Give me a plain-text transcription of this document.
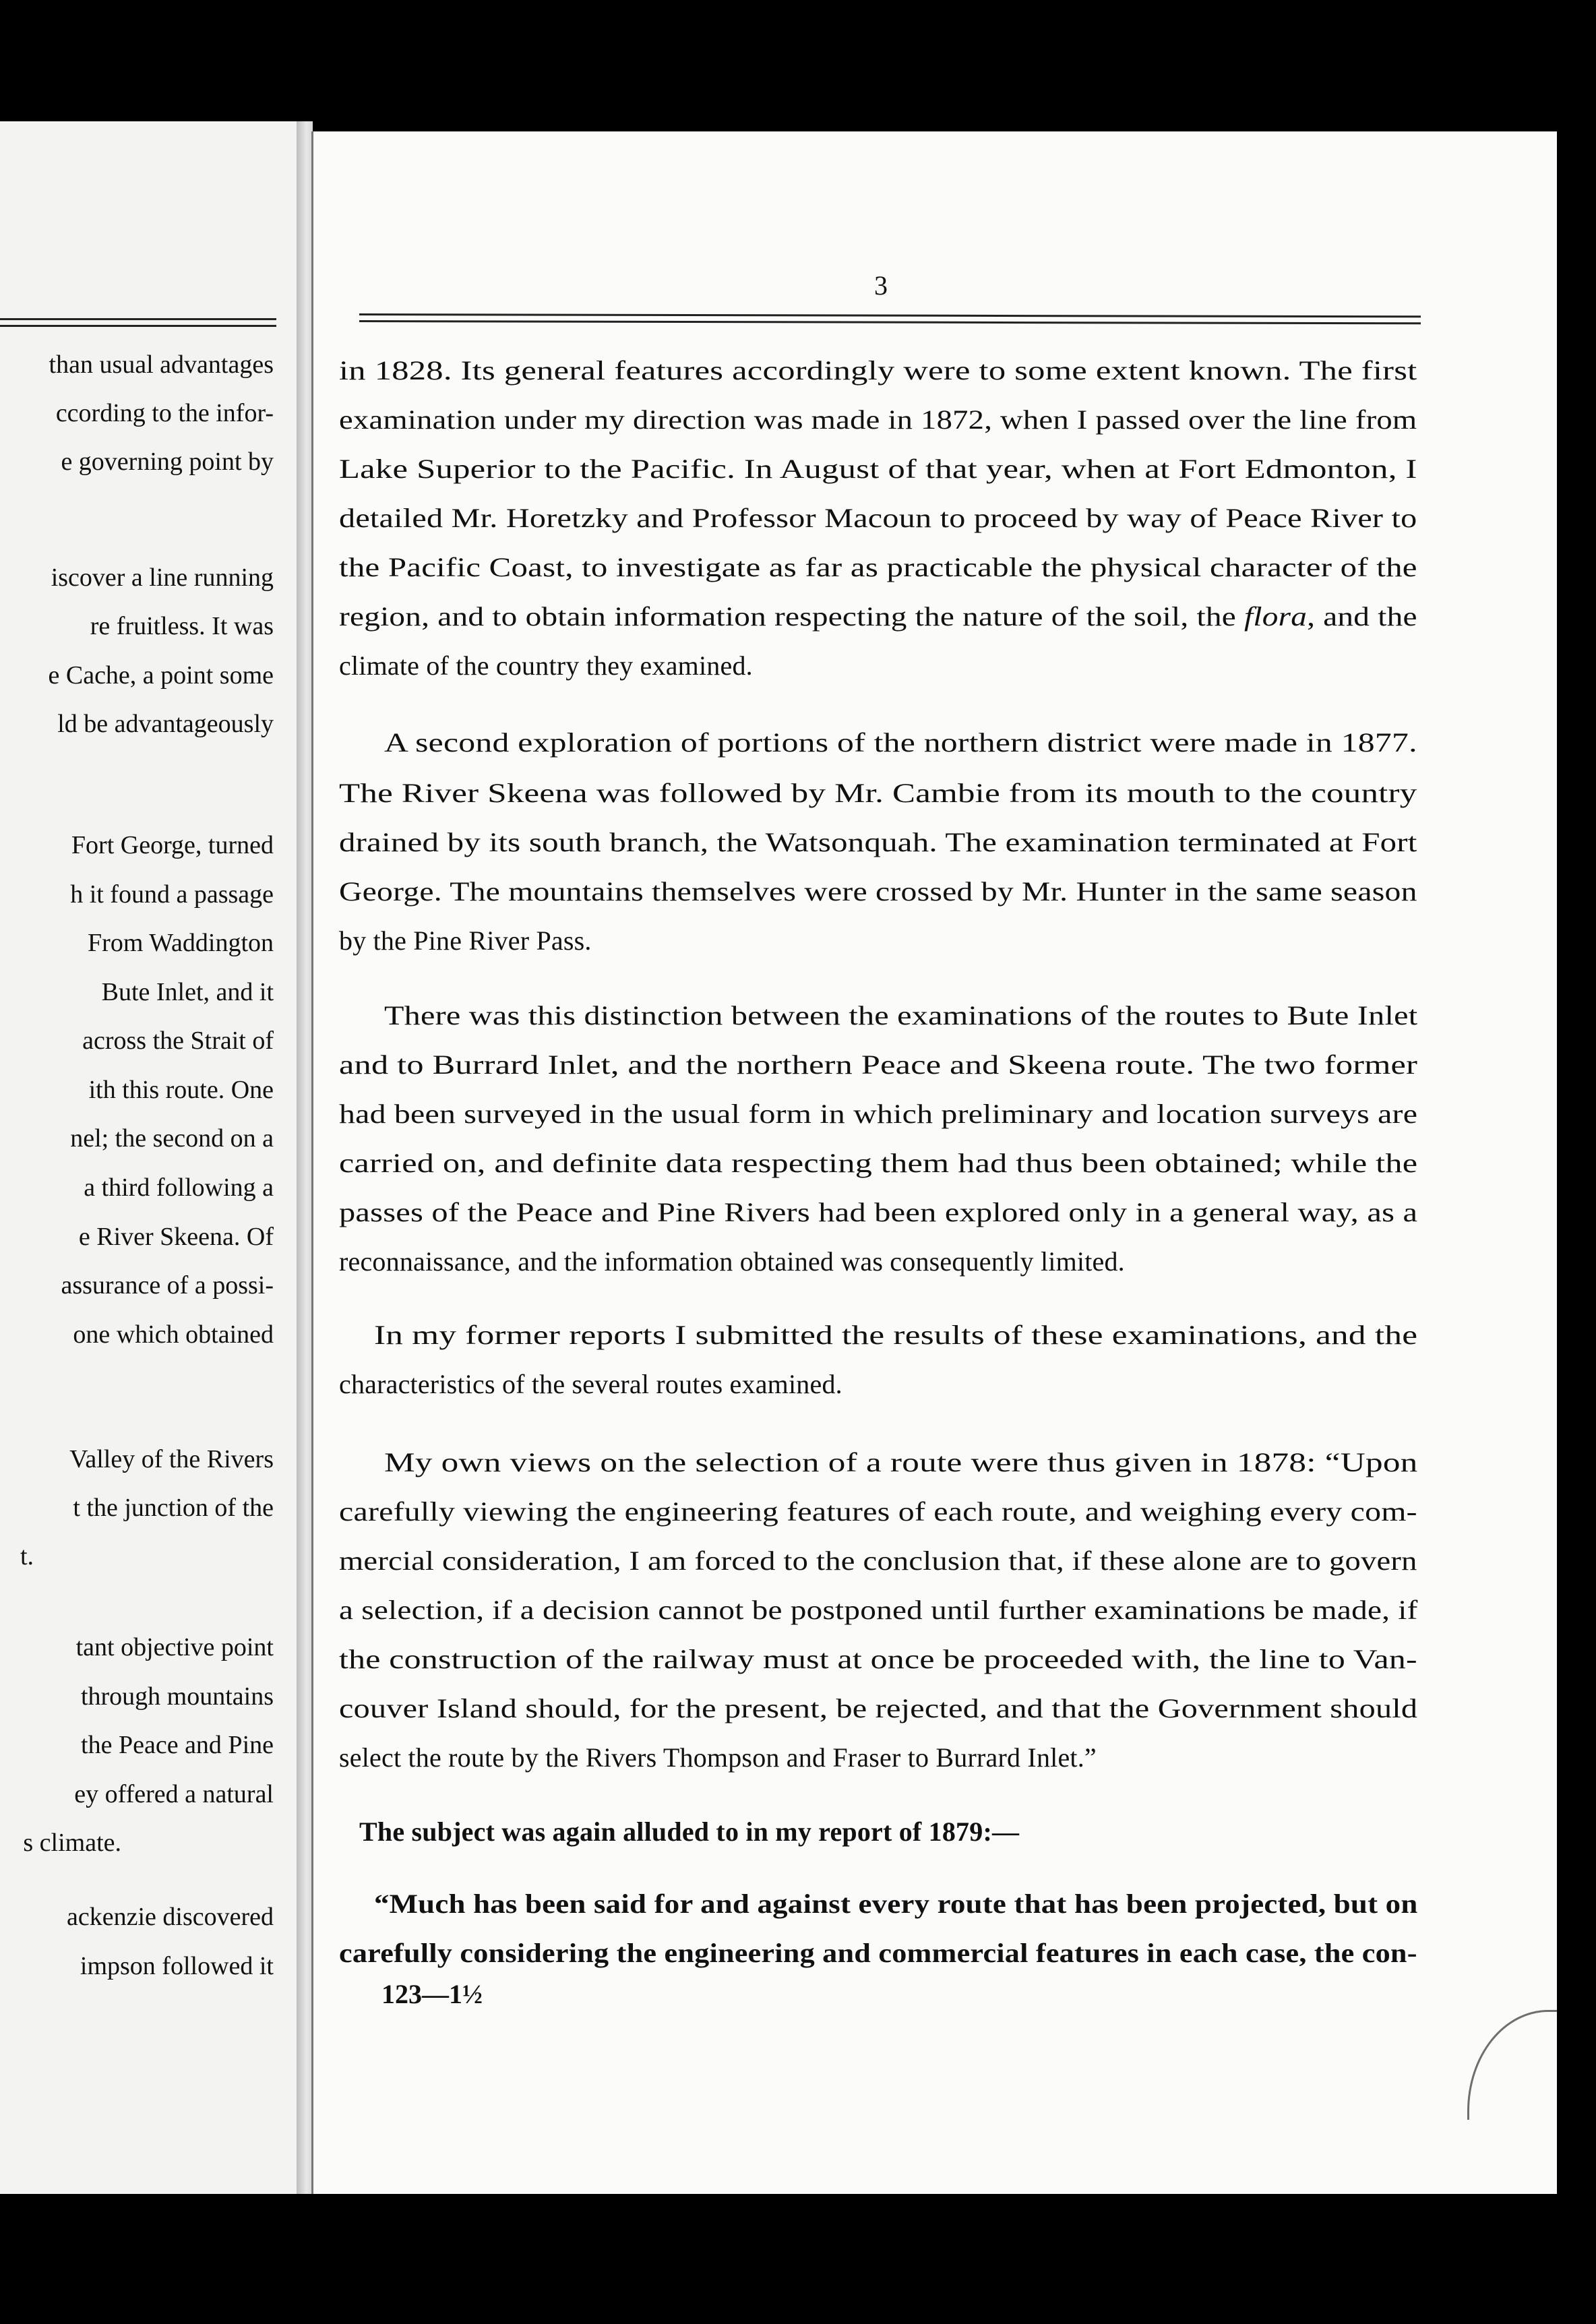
than usual advantages
ccording to the infor-
e governing point by
iscover a line running
re fruitless. It was
e Cache, a point some
ld be advantageously
Fort George, turned
h it found a passage
From Waddington
Bute Inlet, and it
across the Strait of
ith this route. One
nel; the second on a
a third following a
e River Skeena. Of
assurance of a possi-
one which obtained
Valley of the Rivers
t the junction of the
t.
tant objective point
through mountains
the Peace and Pine
ey offered a natural
s climate.
ackenzie discovered
impson followed it
3
in 1828. Its general features accordingly were to some extent known. The first
examination under my direction was made in 1872, when I passed over the line from
Lake Superior to the Pacific. In August of that year, when at Fort Edmonton, I
detailed Mr. Horetzky and Professor Macoun to proceed by way of Peace River to
the Pacific Coast, to investigate as far as practicable the physical character of the
region, and to obtain information respecting the nature of the soil, the flora, and the
climate of the country they examined.
A second exploration of portions of the northern district were made in 1877.
The River Skeena was followed by Mr. Cambie from its mouth to the country
drained by its south branch, the Watsonquah. The examination terminated at Fort
George. The mountains themselves were crossed by Mr. Hunter in the same season
by the Pine River Pass.
There was this distinction between the examinations of the routes to Bute Inlet
and to Burrard Inlet, and the northern Peace and Skeena route. The two former
had been surveyed in the usual form in which preliminary and location surveys are
carried on, and definite data respecting them had thus been obtained; while the
passes of the Peace and Pine Rivers had been explored only in a general way, as a
reconnaissance, and the information obtained was consequently limited.
In my former reports I submitted the results of these examinations, and the
characteristics of the several routes examined.
My own views on the selection of a route were thus given in 1878: “Upon
carefully viewing the engineering features of each route, and weighing every com-
mercial consideration, I am forced to the conclusion that, if these alone are to govern
a selection, if a decision cannot be postponed until further examinations be made, if
the construction of the railway must at once be proceeded with, the line to Van-
couver Island should, for the present, be rejected, and that the Government should
select the route by the Rivers Thompson and Fraser to Burrard Inlet.”
The subject was again alluded to in my report of 1879:—
“Much has been said for and against every route that has been projected, but on
carefully considering the engineering and commercial features in each case, the con-
123—1½
